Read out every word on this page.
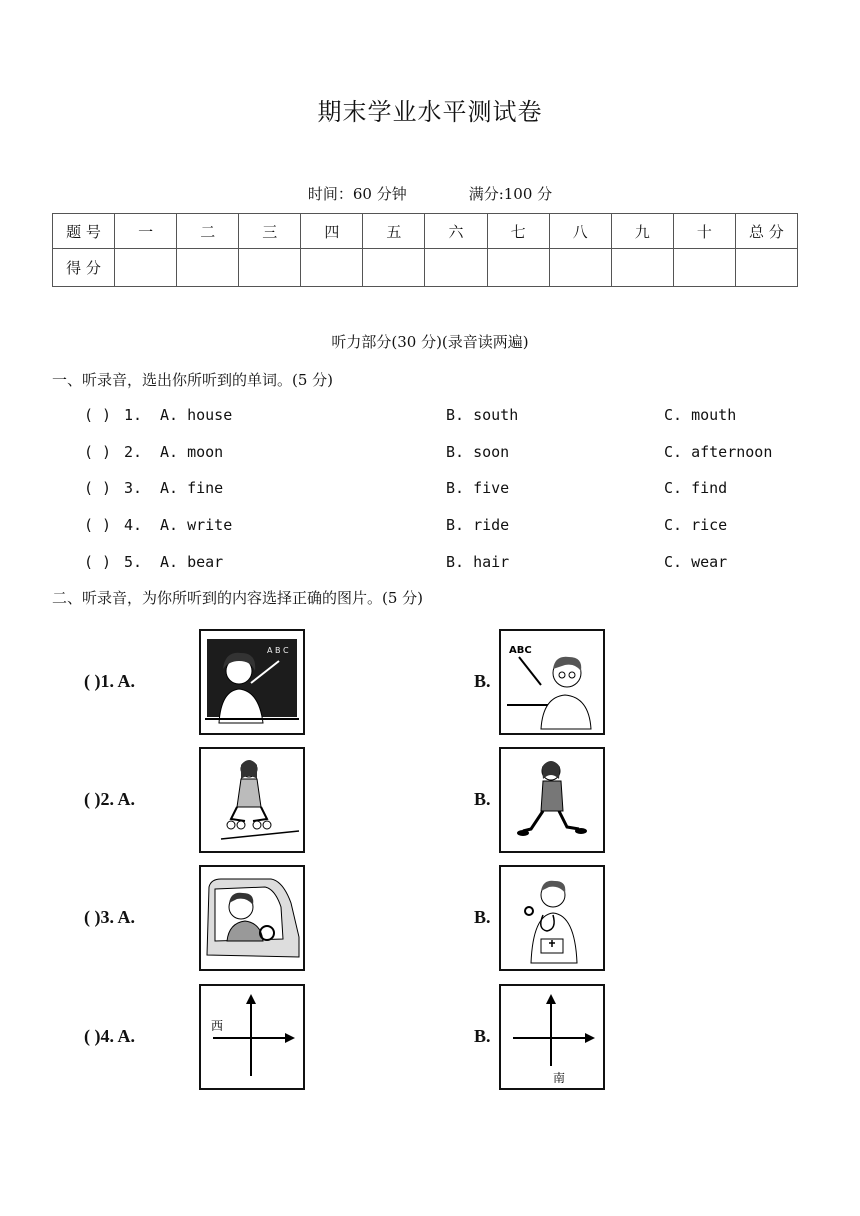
期末学业水平测试卷
时间：60 分钟	满分:100 分
题 号	一	二	三	四	五	六	七	八	九	十	总 分
得 分											
听力部分(30 分)(录音读两遍)
一、听录音，选出你所听到的单词。(5 分)
( ) 1. A. house	B. south	C. mouth
( ) 2. A. moon	B. soon	C. afternoon
( ) 3. A. fine	B. five	C. find
( ) 4. A. write	B. ride	C. rice
( ) 5. A. bear	B. hair	C. wear
二、听录音，为你所听到的内容选择正确的图片。(5 分)
( )1. A.
A B C
B.
ABC
( )2. A.	B.
( )3. A.	B.
( )4. A.	西	B.
南
